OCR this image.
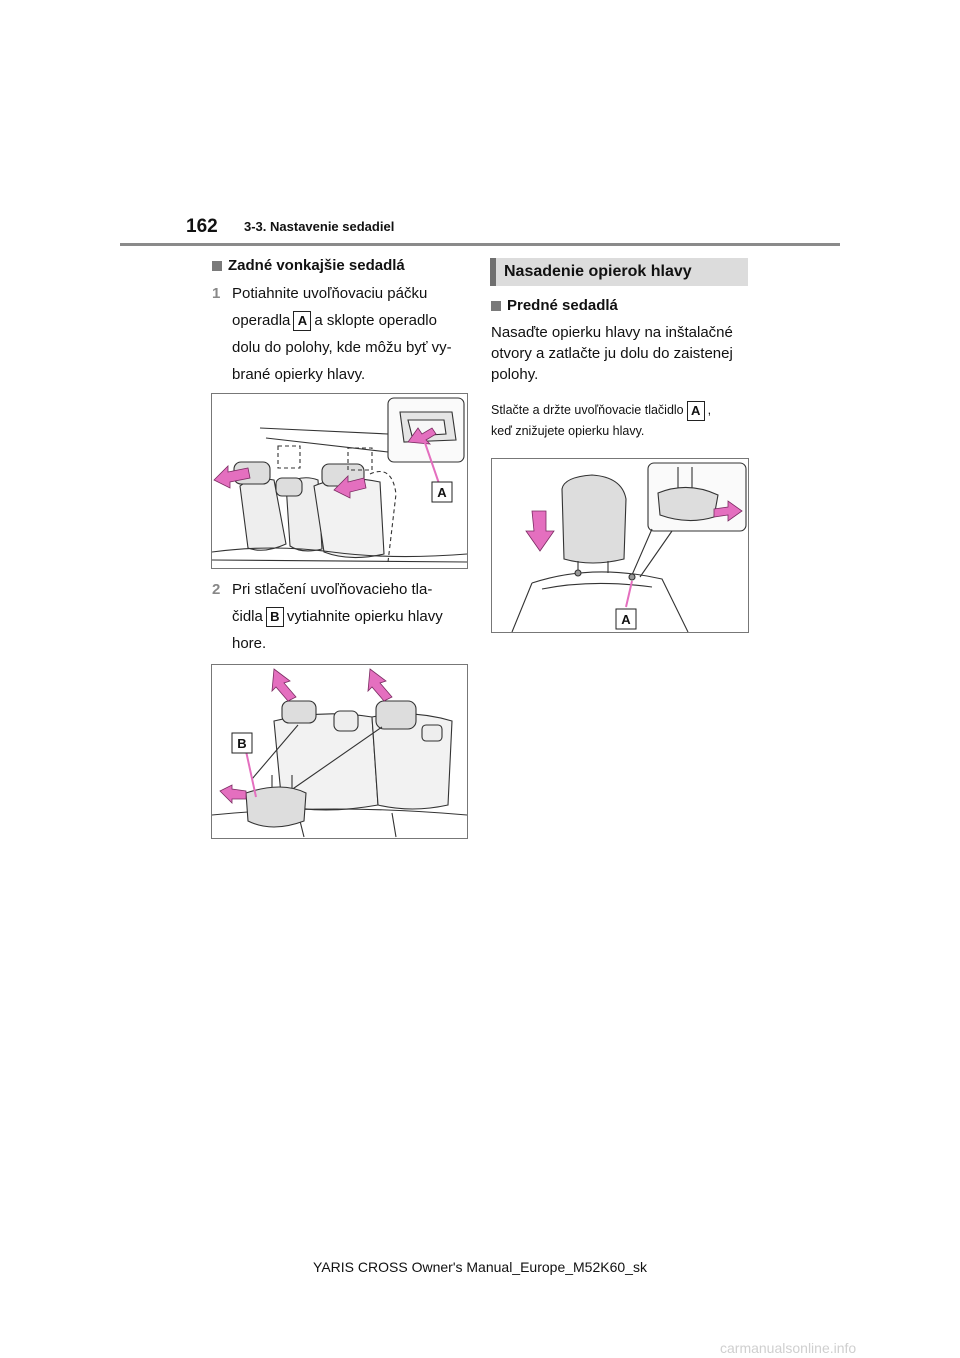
162 3-3. Nastavenie sedadiel
Zadné vonkajšie sedadlá
1 Potiahnite uvoľňovaciu páčku
operadla A a sklopte operadlo
dolu do polohy, kde môžu byť vy-
brané opierky hlavy.
A
2 Pri stlačení uvoľňovacieho tla-
čidla B vytiahnite opierku hlavy
hore.
B
Nasadenie opierok hlavy
Predné sedadlá
Nasaďte opierku hlavy na inštalačné
otvory a zatlačte ju dolu do zaistenej
polohy.
Stlačte a držte uvoľňovacie tlačidlo A ,
keď znižujete opierku hlavy.
A
YARIS CROSS Owner's Manual_Europe_M52K60_sk
carmanualsonline.info
